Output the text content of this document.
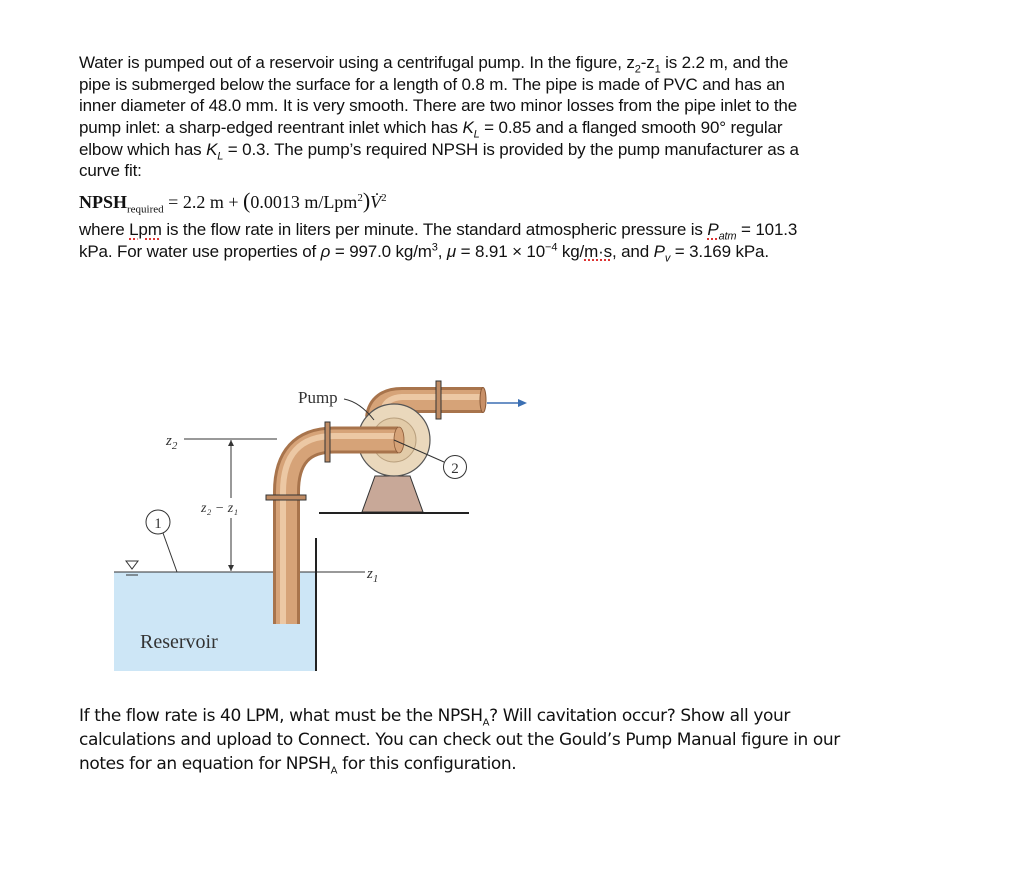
Water is pumped out of a reservoir using a centrifugal pump. In the figure, $z_2-z_1$ is 2.2 m, and the
pipe is submerged below the surface for a length of 0.8 m. The pipe is made of PVC and has an
inner diameter of 48.0 mm. It is very smooth. There are two minor losses from the pipe inlet to the
pump inlet: a sharp-edged reentrant inlet which has $K_L = 0.85$ and a flanged smooth 90° regular
elbow which has $K_L = 0.3$. The pump’s required NPSH is provided by the pump manufacturer as a
curve fit:
$NPSH_{required} = 2.2$ m + (0.0013 m/Lpm$^2$)V̇$^2$
where Lpm is the flow rate in liters per minute. The standard atmospheric pressure is $P_{atm} = 101.3$
kPa. For water use properties of ρ = 997.0 $kg/m^3$, $\mu = 8.91 \times 10^{-4}$ kg/m·s, and $P_v = 3.169$ kPa.
Reservoir
Pump
2
1
$z_2$
z₂ − z₁
$z_1$
If the flow rate is 40 LPM, what must be the $NPSH_A$? Will cavitation occur? Show all your
calculations and upload to Connect. You can check out the Gould’s Pump Manual figure in our
notes for an equation for $NPSH_A$ for this configuration.
